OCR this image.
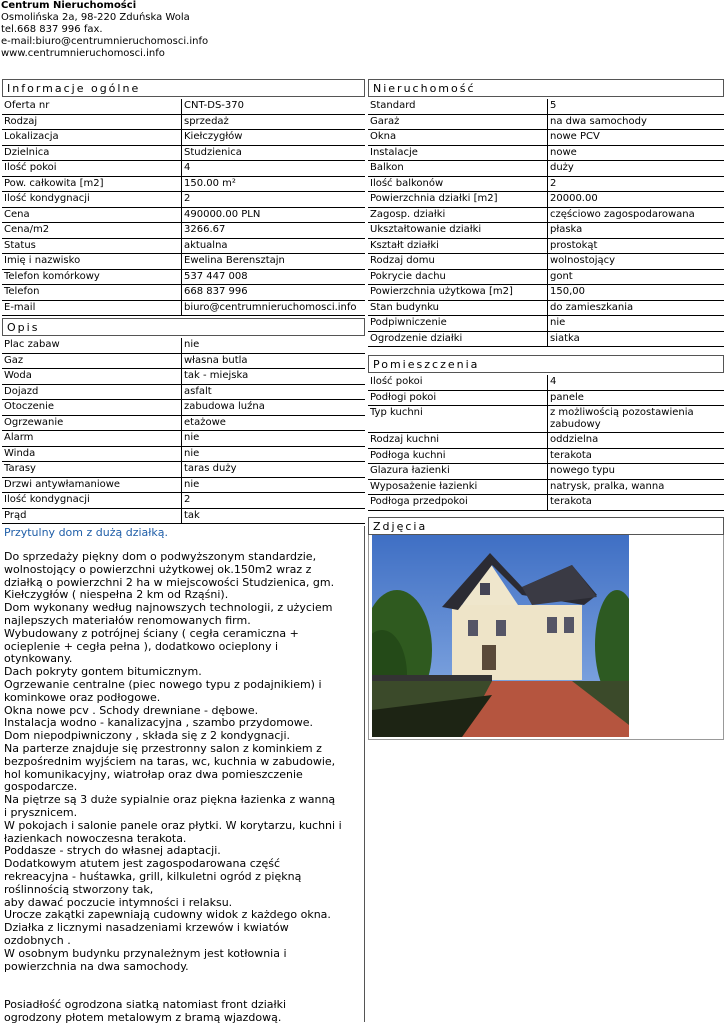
Centrum Nieruchomości
Osmolińska 2a, 98-220 Zduńska Wola
tel.668 837 996 fax.
e-mail:biuro@centrumnieruchomosci.info
www.centrumnieruchomosci.info
Informacje ogólne
Oferta nr	CNT-DS-370
Rodzaj	sprzedaż
Lokalizacja	Kiełczygłów
Dzielnica	Studzienica
Ilość pokoi	4
Pow. całkowita [m2]	150.00 m²
Ilość kondygnacji	2
Cena	490000.00 PLN
Cena/m2	3266.67
Status	aktualna
Imię i nazwisko	Ewelina Berensztajn
Telefon komórkowy	537 447 008
Telefon	668 837 996
E-mail	biuro@centrumnieruchomosci.info
Opis
Plac zabaw	nie
Gaz	własna butla
Woda	tak - miejska
Dojazd	asfalt
Otoczenie	zabudowa luźna
Ogrzewanie	etażowe
Alarm	nie
Winda	nie
Tarasy	taras duży
Drzwi antywłamaniowe	nie
Ilość kondygnacji	2
Prąd	tak
Przytulny dom z dużą działką.
Do sprzedaży piękny dom o podwyższonym standardzie,
wolnostojący o powierzchni użytkowej ok.150m2 wraz z
działką o powierzchni 2 ha w miejscowości Studzienica, gm.
Kiełczygłów ( niespełna 2 km od Rząśni).
Dom wykonany według najnowszych technologii, z użyciem
najlepszych materiałów renomowanych firm.
Wybudowany z potrójnej ściany ( cegła ceramiczna +
ocieplenie + cegła pełna ), dodatkowo ocieplony i
otynkowany.
Dach pokryty gontem bitumicznym.
Ogrzewanie centralne (piec nowego typu z podajnikiem) i
kominkowe oraz podłogowe.
Okna nowe pcv . Schody drewniane - dębowe.
Instalacja wodno - kanalizacyjna , szambo przydomowe.
Dom niepodpiwniczony , składa się z 2 kondygnacji.
Na parterze znajduje się przestronny salon z kominkiem z
bezpośrednim wyjściem na taras, wc, kuchnia w zabudowie,
hol komunikacyjny, wiatrołap oraz dwa pomieszczenie
gospodarcze.
Na piętrze są 3 duże sypialnie oraz piękna łazienka z wanną
i prysznicem.
W pokojach i salonie panele oraz płytki. W korytarzu, kuchni i
łazienkach nowoczesna terakota.
Poddasze - strych do własnej adaptacji.
Dodatkowym atutem jest zagospodarowana część
rekreacyjna - huśtawka, grill, kilkuletni ogród z piękną
roślinnością stworzony tak,
aby dawać poczucie intymności i relaksu.
Urocze zakątki zapewniają cudowny widok z każdego okna.
Działka z licznymi nasadzeniami krzewów i kwiatów
ozdobnych .
W osobnym budynku przynależnym jest kotłownia i
powierzchnia na dwa samochody.

Posiadłość ogrodzona siatką natomiast front działki
ogrodzony płotem metalowym z bramą wjazdową.
Nieruchomość
Standard	5
Garaż	na dwa samochody
Okna	nowe PCV
Instalacje	nowe
Balkon	duży
Ilość balkonów	2
Powierzchnia działki [m2]	20000.00
Zagosp. działki	częściowo zagospodarowana
Ukształtowanie działki	płaska
Kształt działki	prostokąt
Rodzaj domu	wolnostojący
Pokrycie dachu	gont
Powierzchnia użytkowa [m2]	150,00
Stan budynku	do zamieszkania
Podpiwniczenie	nie
Ogrodzenie działki	siatka
Pomieszczenia
Ilość pokoi	4
Podłogi pokoi	panele
Typ kuchni	z możliwością pozostawienia zabudowy
Rodzaj kuchni	oddzielna
Podłoga kuchni	terakota
Glazura łazienki	nowego typu
Wyposażenie łazienki	natrysk, pralka, wanna
Podłoga przedpokoi	terakota
Zdjęcia
